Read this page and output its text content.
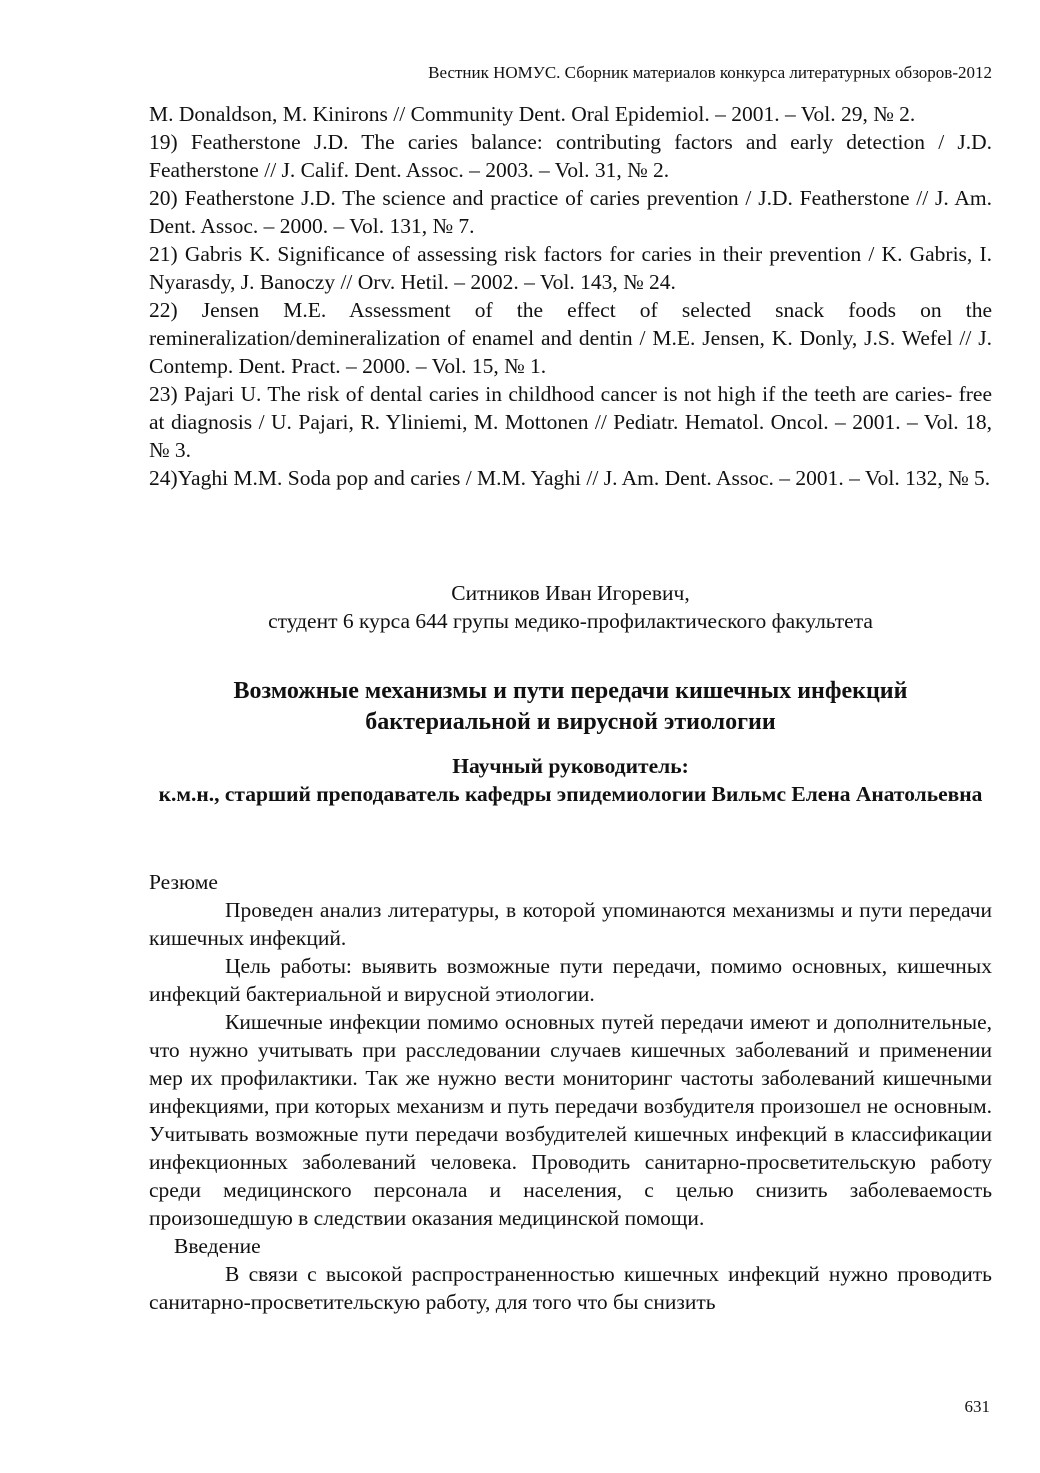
Вестник НОМУС. Сборник материалов конкурса литературных обзоров-2012

M. Donaldson, M. Kinirons // Community Dent. Oral Epidemiol. – 2001. – Vol. 29, № 2.

19) Featherstone J.D. The caries balance: contributing factors and early detection / J.D. Featherstone // J. Calif. Dent. Assoc. – 2003. – Vol. 31, № 2.

20) Featherstone J.D. The science and practice of caries prevention / J.D. Featherstone // J. Am. Dent. Assoc. – 2000. – Vol. 131, № 7.

21) Gabris K. Significance of assessing risk factors for caries in their prevention / K. Gabris, I. Nyarasdy, J. Banoczy // Orv. Hetil. – 2002. – Vol. 143, № 24.

22) Jensen M.E. Assessment of the effect of selected snack foods on the remineralization/demineralization of enamel and dentin / M.E. Jensen, K. Donly, J.S. Wefel // J. Contemp. Dent. Pract. – 2000. – Vol. 15, № 1.

23) Pajari U. The risk of dental caries in childhood cancer is not high if the teeth are caries- free at diagnosis / U. Pajari, R. Yliniemi, M. Mottonen // Pediatr. Hematol. Oncol. – 2001. – Vol. 18, № 3.

24)Yaghi M.M. Soda pop and caries / M.M. Yaghi // J. Am. Dent. Assoc. – 2001. – Vol. 132, № 5.

Ситников Иван Игоревич,
студент 6 курса 644 групы медико-профилактического факультета
Возможные механизмы и пути передачи кишечных инфекций
бактериальной и вирусной этиологии
Научный руководитель:
к.м.н., старший преподаватель кафедры эпидемиологии Вильмс Елена Анатольевна

Резюме

Проведен анализ литературы, в которой упоминаются механизмы и пути передачи кишечных инфекций.

Цель работы: выявить возможные пути передачи, помимо основных, кишечных инфекций бактериальной и вирусной этиологии.

Кишечные инфекции помимо основных путей передачи имеют и дополнительные, что нужно учитывать при расследовании случаев кишечных заболеваний и применении мер их профилактики. Так же нужно вести мониторинг частоты заболеваний кишечными инфекциями, при которых механизм и путь передачи возбудителя произошел не основным. Учитывать возможные пути передачи возбудителей кишечных инфекций в классификации инфекционных заболеваний человека. Проводить санитарно-просветительскую работу среди медицинского персонала и населения, с целью снизить заболеваемость произошедшую в следствии оказания медицинской помощи.

Введение

В связи с высокой распространенностью кишечных инфекций нужно проводить санитарно-просветительскую работу, для того что бы снизить

631
